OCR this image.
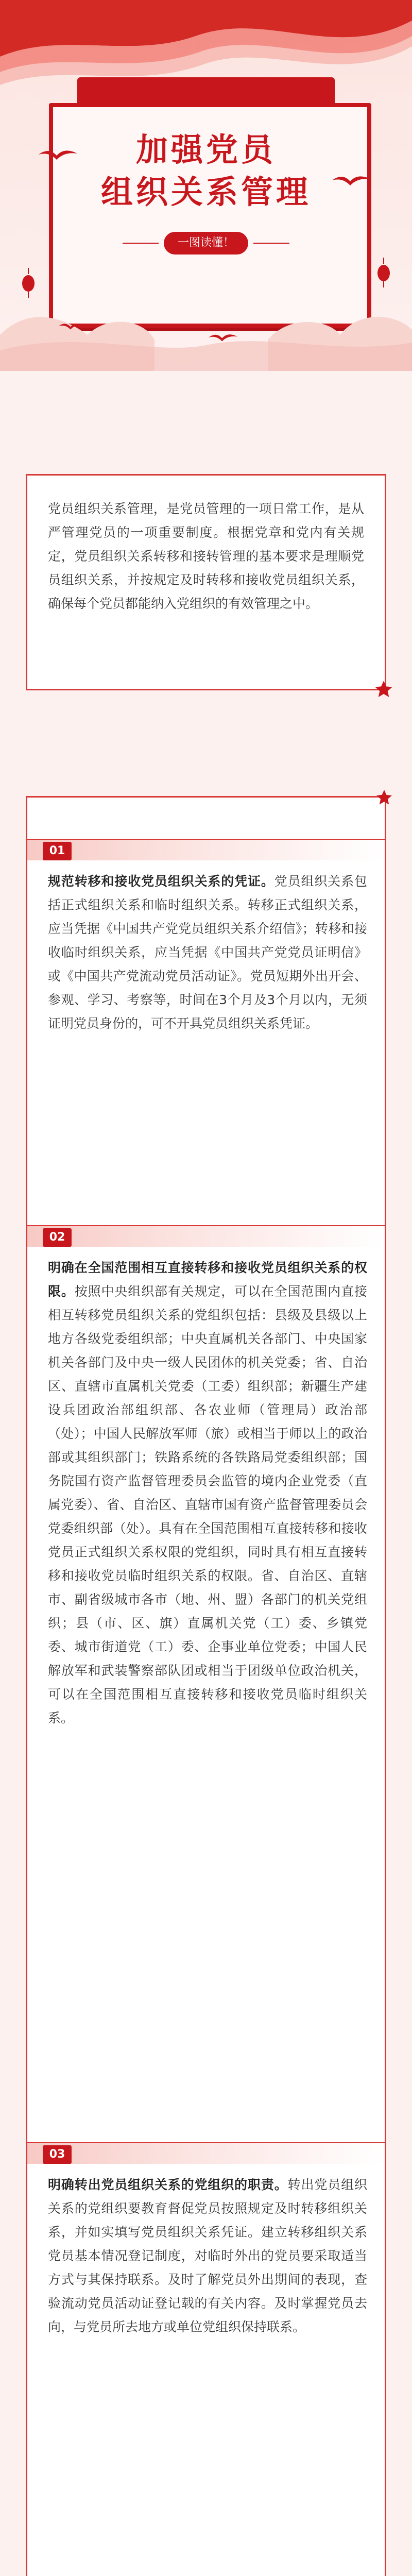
加强党员
组织关系管理
一图读懂！
党员组织关系管理，是党员管理的一项日常工作，是从严管理党员的一项重要制度。根据党章和党内有关规定，党员组织关系转移和接转管理的基本要求是理顺党员组织关系，并按规定及时转移和接收党员组织关系，确保每个党员都能纳入党组织的有效管理之中。
01
规范转移和接收党员组织关系的凭证。党员组织关系包括正式组织关系和临时组织关系。转移正式组织关系，应当凭据《中国共产党党员组织关系介绍信》；转移和接收临时组织关系，应当凭据《中国共产党党员证明信》或《中国共产党流动党员活动证》。党员短期外出开会、参观、学习、考察等，时间在3个月及3个月以内，无须证明党员身份的，可不开具党员组织关系凭证。
02
明确在全国范围相互直接转移和接收党员组织关系的权限。按照中央组织部有关规定，可以在全国范围内直接相互转移党员组织关系的党组织包括：县级及县级以上地方各级党委组织部；中央直属机关各部门、中央国家机关各部门及中央一级人民团体的机关党委；省、自治区、直辖市直属机关党委（工委）组织部；新疆生产建设兵团政治部组织部、各农业师（管理局）政治部（处）；中国人民解放军师（旅）或相当于师以上的政治部或其组织部门；铁路系统的各铁路局党委组织部；国务院国有资产监督管理委员会监管的境内企业党委（直属党委）、省、自治区、直辖市国有资产监督管理委员会党委组织部（处）。具有在全国范围相互直接转移和接收党员正式组织关系权限的党组织，同时具有相互直接转移和接收党员临时组织关系的权限。省、自治区、直辖市、副省级城市各市（地、州、盟）各部门的机关党组织；县（市、区、旗）直属机关党（工）委、乡镇党委、城市街道党（工）委、企事业单位党委；中国人民解放军和武装警察部队团或相当于团级单位政治机关，可以在全国范围相互直接转移和接收党员临时组织关系。
03
明确转出党员组织关系的党组织的职责。转出党员组织关系的党组织要教育督促党员按照规定及时转移组织关系，并如实填写党员组织关系凭证。建立转移组织关系党员基本情况登记制度，对临时外出的党员要采取适当方式与其保持联系。及时了解党员外出期间的表现，查验流动党员活动证登记载的有关内容。及时掌握党员去向，与党员所去地方或单位党组织保持联系。
